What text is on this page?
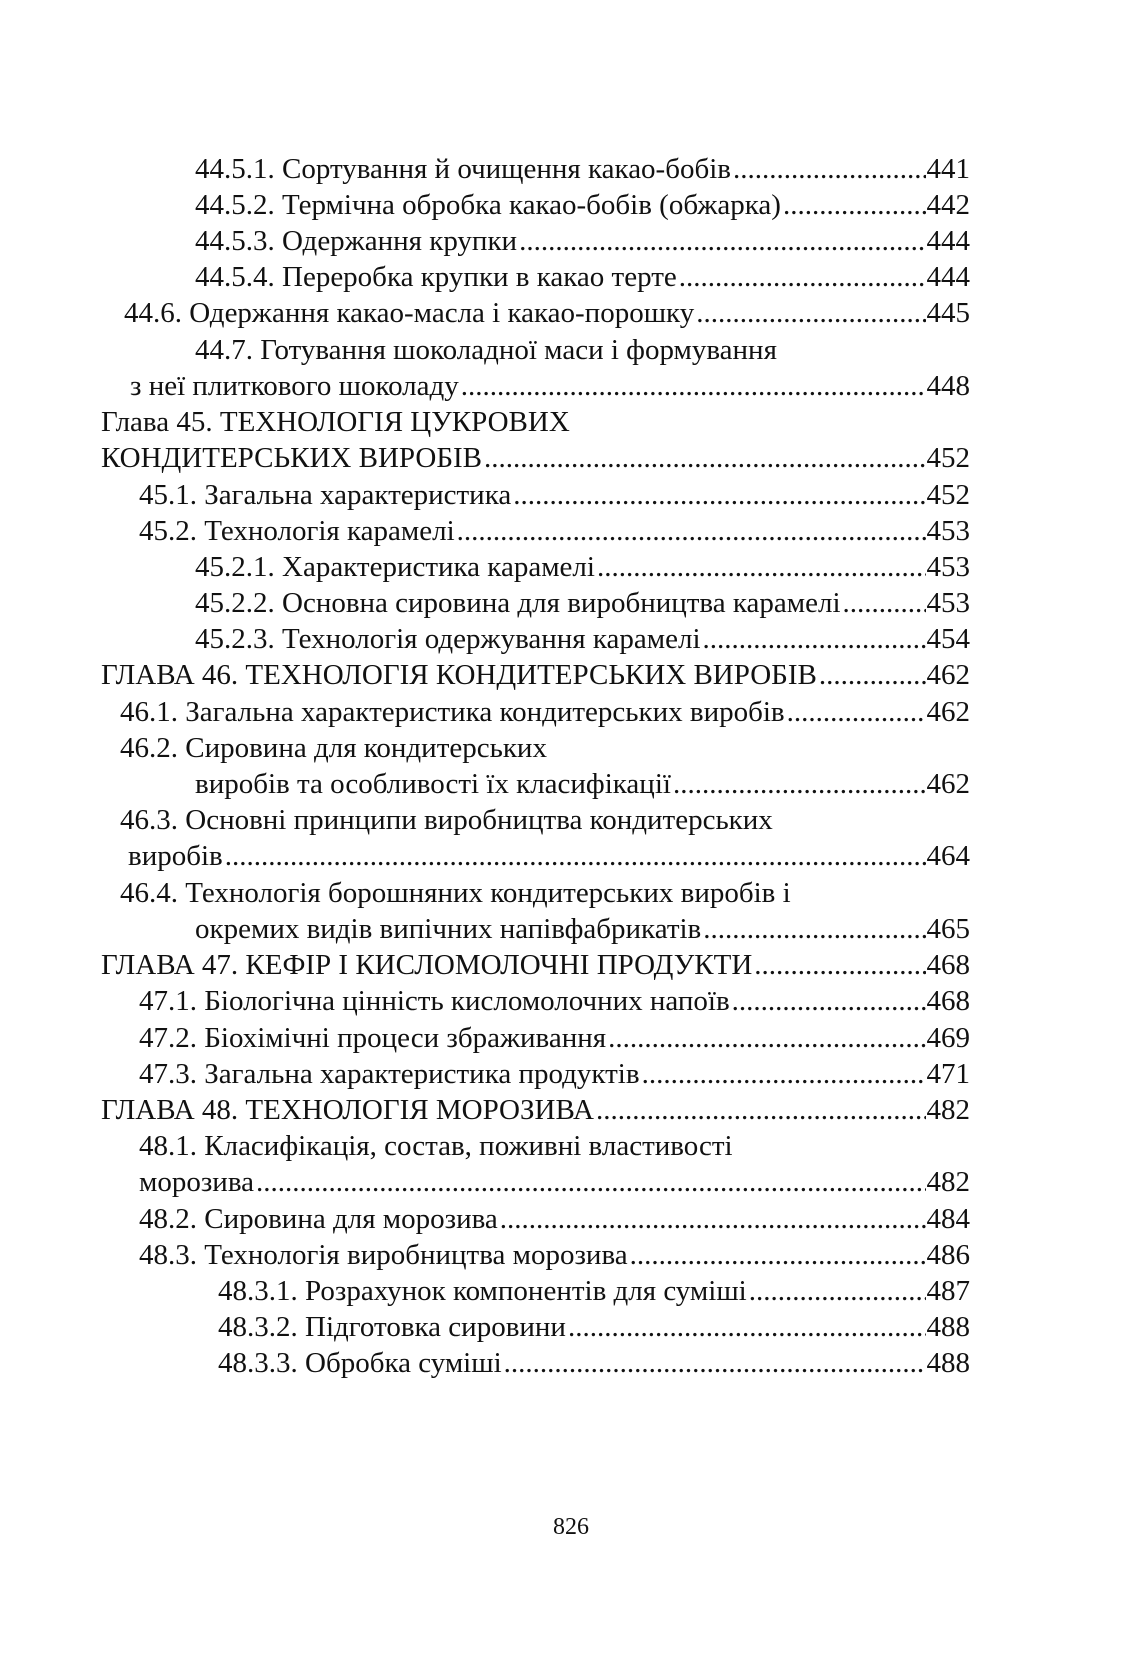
44.5.1. Сортування й очищення какао-бобів .....	441
44.5.2. Термічна обробка какао-бобів (обжарка) .....	442
44.5.3. Одержання крупки .....	444
44.5.4. Переробка крупки в какао терте .....	444
44.6. Одержання какао-масла і какао-порошку .....	445
44.7. Готування шоколадної маси і формування
з неї плиткового шоколаду .....	448
Глава 45. ТЕХНОЛОГІЯ ЦУКРОВИХ
КОНДИТЕРСЬКИХ ВИРОБІВ .....	452
45.1. Загальна характеристика .....	452
45.2. Технологія карамелі .....	453
45.2.1. Характеристика карамелі .....	453
45.2.2. Основна сировина для виробництва карамелі .....	453
45.2.3. Технологія одержування карамелі .....	454
ГЛАВА 46. ТЕХНОЛОГІЯ КОНДИТЕРСЬКИХ ВИРОБІВ .....	462
46.1. Загальна характеристика кондитерських виробів .....	462
46.2. Сировина для кондитерських
виробів та особливості їх класифікації .....	462
46.3. Основні принципи виробництва кондитерських
виробів .....	464
46.4. Технологія борошняних кондитерських виробів і
окремих видів випічних напівфабрикатів .....	465
ГЛАВА 47. КЕФІР І КИСЛОМОЛОЧНІ ПРОДУКТИ .....	468
47.1. Біологічна цінність кисломолочних напоїв .....	468
47.2. Біохімічні процеси збраживання .....	469
47.3. Загальна характеристика продуктів .....	471
ГЛАВА 48. ТЕХНОЛОГІЯ МОРОЗИВА .....	482
48.1. Класифікація, состав, поживні властивості
морозива .....	482
48.2. Сировина для морозива .....	484
48.3. Технологія виробництва морозива .....	486
48.3.1. Розрахунок компонентів для суміші .....	487
48.3.2. Підготовка сировини .....	488
48.3.3. Обробка суміші .....	488
826
